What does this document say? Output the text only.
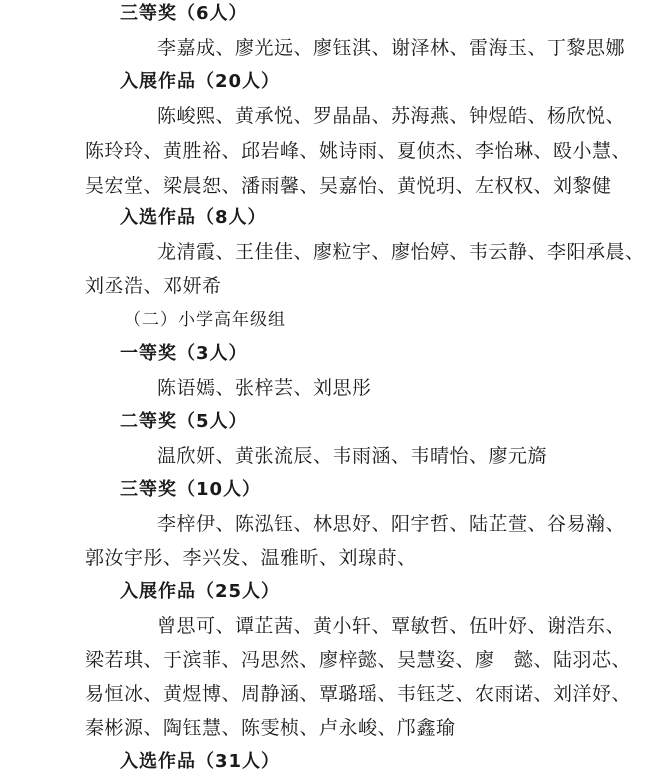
三等奖（6人）
李嘉成、廖光远、廖钰淇、谢泽林、雷海玉、丁黎思娜
入展作品（20人）
陈峻熙、黄承悦、罗晶晶、苏海燕、钟煜皓、杨欣悦、
陈玲玲、黄胜裕、邱岩峰、姚诗雨、夏侦杰、李怡琳、殴小慧、
吴宏堂、梁晨恕、潘雨馨、吴嘉怡、黄悦玥、左权权、刘黎健
入选作品（8人）
龙清霞、王佳佳、廖粒宇、廖怡婷、韦云静、李阳承晨、
刘丞浩、邓妍希
（二）小学高年级组
一等奖（3人）
陈语嫣、张梓芸、刘思彤
二等奖（5人）
温欣妍、黄张流辰、韦雨涵、韦晴怡、廖元旖
三等奖（10人）
李梓伊、陈泓钰、林思妤、阳宇哲、陆芷萱、谷易瀚、
郭汝宇彤、李兴发、温雅昕、刘瑔莳、
入展作品（25人）
曾思可、谭芷茜、黄小轩、覃敏哲、伍叶妤、谢浩东、
梁若琪、于滨菲、冯思然、廖梓懿、吴慧姿、廖　懿、陆羽芯、
易恒冰、黄煜博、周静涵、覃璐瑶、韦钰芝、农雨诺、刘洋妤、
秦彬源、陶钰慧、陈雯桢、卢永峻、邝鑫瑜
入选作品（31人）
